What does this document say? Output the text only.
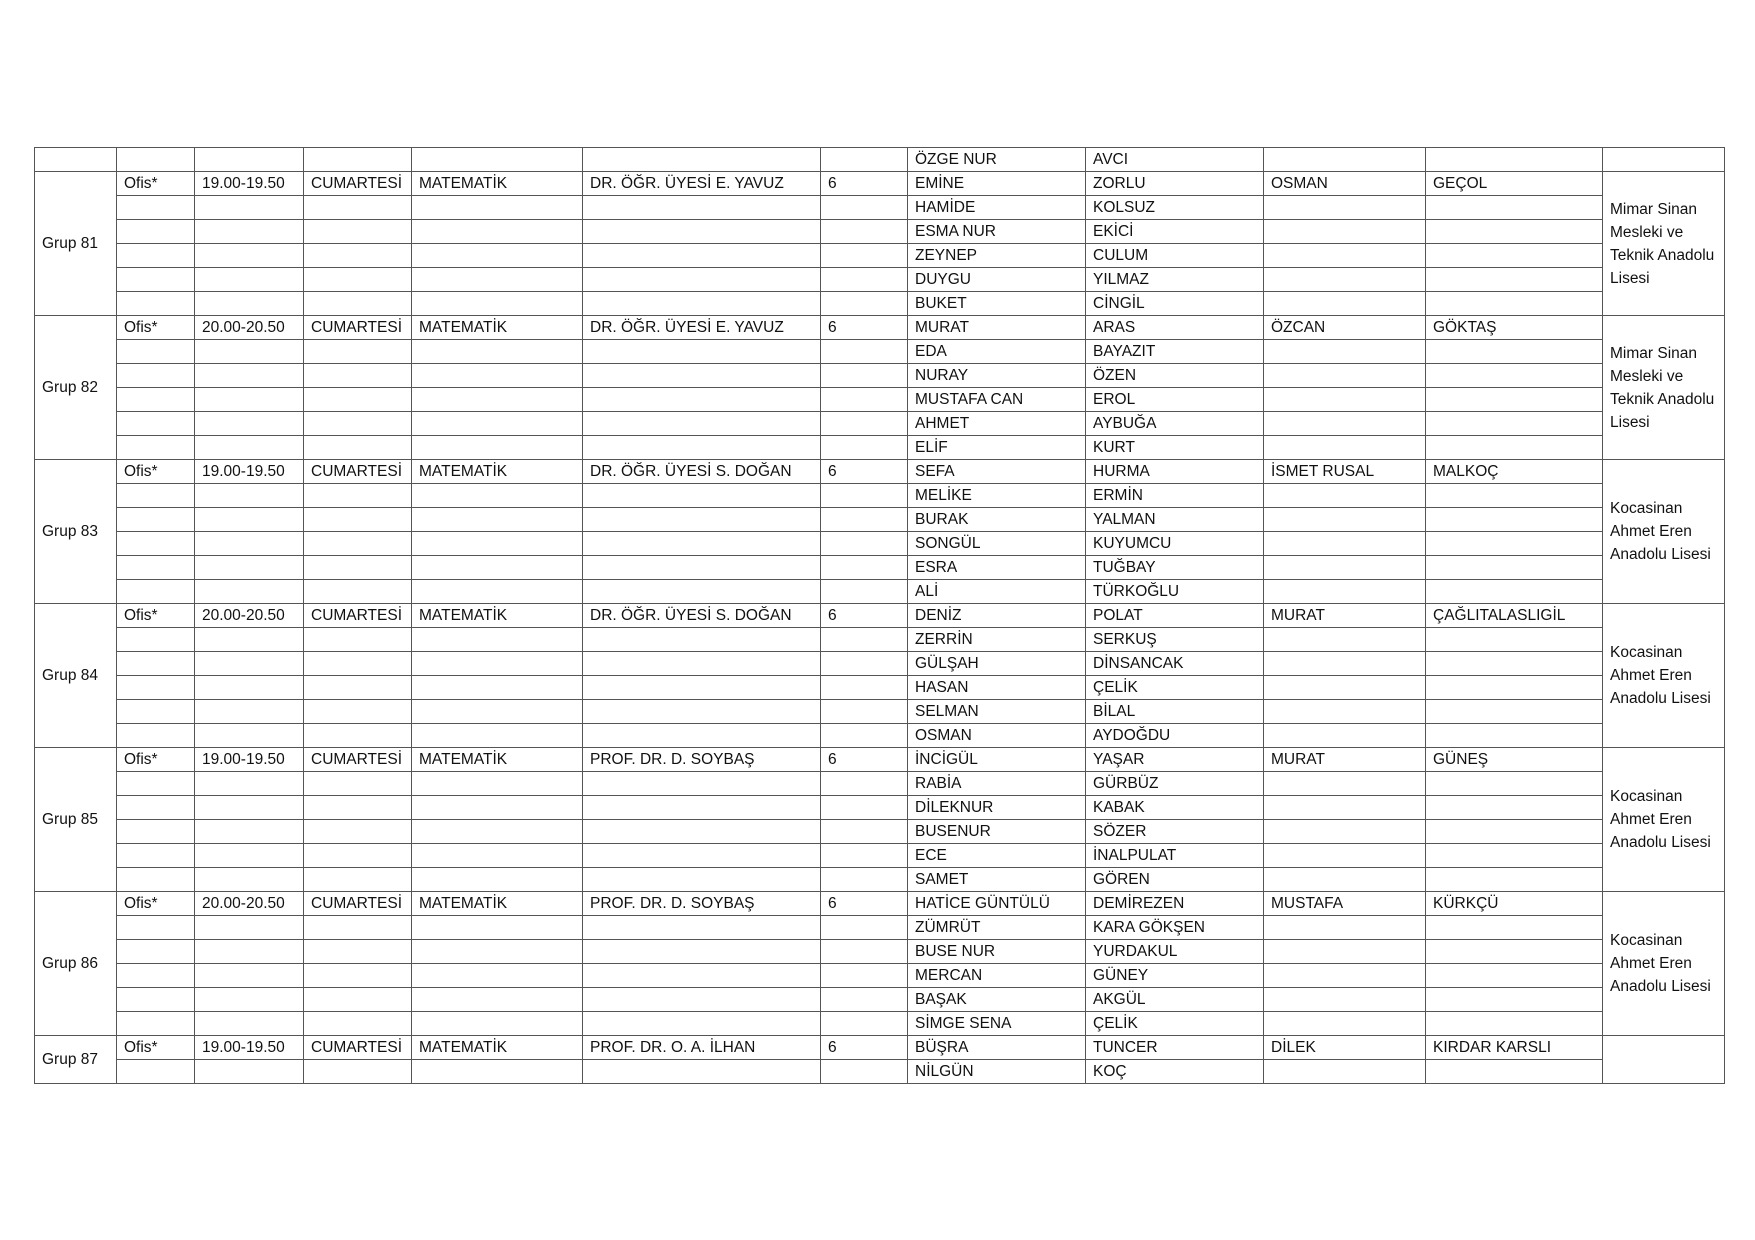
							ÖZGE NUR	AVCI			
Grup 81	Ofis*	19.00-19.50	CUMARTESİ	MATEMATİK	DR. ÖĞR. ÜYESİ E. YAVUZ	6	EMİNE	ZORLU	OSMAN	GEÇOL	Mimar Sinan Mesleki ve Teknik Anadolu Lisesi
							HAMİDE	KOLSUZ			
							ESMA NUR	EKİCİ			
							ZEYNEP	CULUM			
							DUYGU	YILMAZ			
							BUKET	CİNGİL			
Grup 82	Ofis*	20.00-20.50	CUMARTESİ	MATEMATİK	DR. ÖĞR. ÜYESİ E. YAVUZ	6	MURAT	ARAS	ÖZCAN	GÖKTAŞ	Mimar Sinan Mesleki ve Teknik Anadolu Lisesi
							EDA	BAYAZIT			
							NURAY	ÖZEN			
							MUSTAFA CAN	EROL			
							AHMET	AYBUĞA			
							ELİF	KURT			
Grup 83	Ofis*	19.00-19.50	CUMARTESİ	MATEMATİK	DR. ÖĞR. ÜYESİ S. DOĞAN	6	SEFA	HURMA	İSMET RUSAL	MALKOÇ	Kocasinan Ahmet Eren Anadolu Lisesi
							MELİKE	ERMİN			
							BURAK	YALMAN			
							SONGÜL	KUYUMCU			
							ESRA	TUĞBAY			
							ALİ	TÜRKOĞLU			
Grup 84	Ofis*	20.00-20.50	CUMARTESİ	MATEMATİK	DR. ÖĞR. ÜYESİ S. DOĞAN	6	DENİZ	POLAT	MURAT	ÇAĞLITALASLIGİL	Kocasinan Ahmet Eren Anadolu Lisesi
							ZERRİN	SERKUŞ			
							GÜLŞAH	DİNSANCAK			
							HASAN	ÇELİK			
							SELMAN	BİLAL			
							OSMAN	AYDOĞDU			
Grup 85	Ofis*	19.00-19.50	CUMARTESİ	MATEMATİK	PROF. DR. D. SOYBAŞ	6	İNCİGÜL	YAŞAR	MURAT	GÜNEŞ	Kocasinan Ahmet Eren Anadolu Lisesi
							RABİA	GÜRBÜZ			
							DİLEKNUR	KABAK			
							BUSENUR	SÖZER			
							ECE	İNALPULAT			
							SAMET	GÖREN			
Grup 86	Ofis*	20.00-20.50	CUMARTESİ	MATEMATİK	PROF. DR. D. SOYBAŞ	6	HATİCE GÜNTÜLÜ	DEMİREZEN	MUSTAFA	KÜRKÇÜ	Kocasinan Ahmet Eren Anadolu Lisesi
							ZÜMRÜT	KARA GÖKŞEN			
							BUSE NUR	YURDAKUL			
							MERCAN	GÜNEY			
							BAŞAK	AKGÜL			
							SİMGE SENA	ÇELİK			
Grup 87	Ofis*	19.00-19.50	CUMARTESİ	MATEMATİK	PROF. DR. O. A. İLHAN	6	BÜŞRA	TUNCER	DİLEK	KIRDAR KARSLI	
							NİLGÜN	KOÇ			
